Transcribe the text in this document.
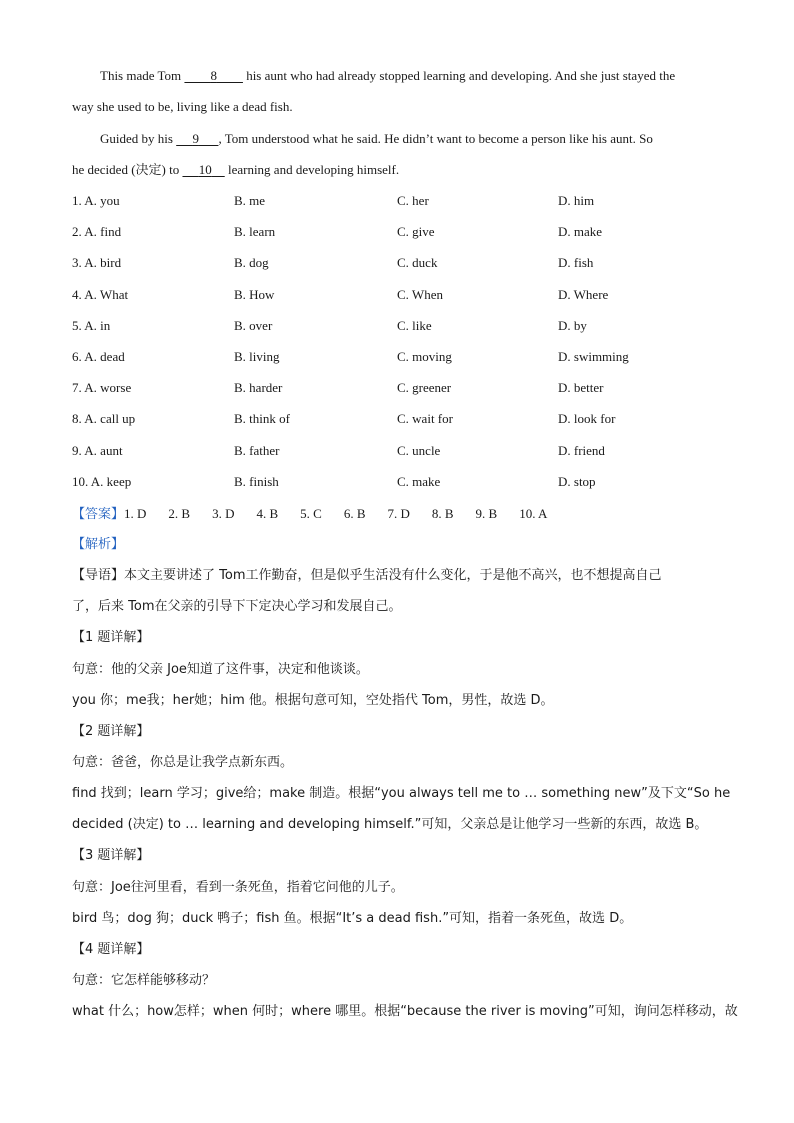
This made Tom         8         his aunt who had already stopped learning and developing. And she just stayed the
way she used to be, living like a dead fish.
Guided by his      9 , Tom understood what he said. He didn’t want to become a person like his aunt. So
he decided (决定) to      10     learning and developing himself.
1. A. you	B. me	C. her	D. him
2. A. find	B. learn	C. give	D. make
3. A. bird	B. dog	C. duck	D. fish
4. A. What	B. How	C. When	D. Where
5. A. in	B. over	C. like	D. by
6. A. dead	B. living	C. moving	D. swimming
7. A. worse	B. harder	C. greener	D. better
8. A. call up	B. think of	C. wait for	D. look for
9. A. aunt	B. father	C. uncle	D. friend
10. A. keep	B. finish	C. make	D. stop
【答案】1. D 2. B 3. D 4. B 5. C 6. B 7. D 8. B 9. B 10. A
【解析】
【导语】本文主要讲述了 Tom工作勤奋，但是似乎生活没有什么变化，于是他不高兴，也不想提高自己
了，后来 Tom在父亲的引导下下定决心学习和发展自己。
【1 题详解】
句意：他的父亲 Joe知道了这件事，决定和他谈谈。
you 你；me我；her她；him 他。根据句意可知，空处指代 Tom，男性，故选 D。
【2 题详解】
句意：爸爸，你总是让我学点新东西。
find 找到；learn 学习；give给；make 制造。根据“you always tell me to … something new”及下文“So he
decided (决定) to … learning and developing himself.”可知，父亲总是让他学习一些新的东西，故选 B。
【3 题详解】
句意：Joe往河里看，看到一条死鱼，指着它问他的儿子。
bird 鸟；dog 狗；duck 鸭子；fish 鱼。根据“It’s a dead fish.”可知，指着一条死鱼，故选 D。
【4 题详解】
句意：它怎样能够移动？
what 什么；how怎样；when 何时；where 哪里。根据“because the river is moving”可知，询问怎样移动，故
